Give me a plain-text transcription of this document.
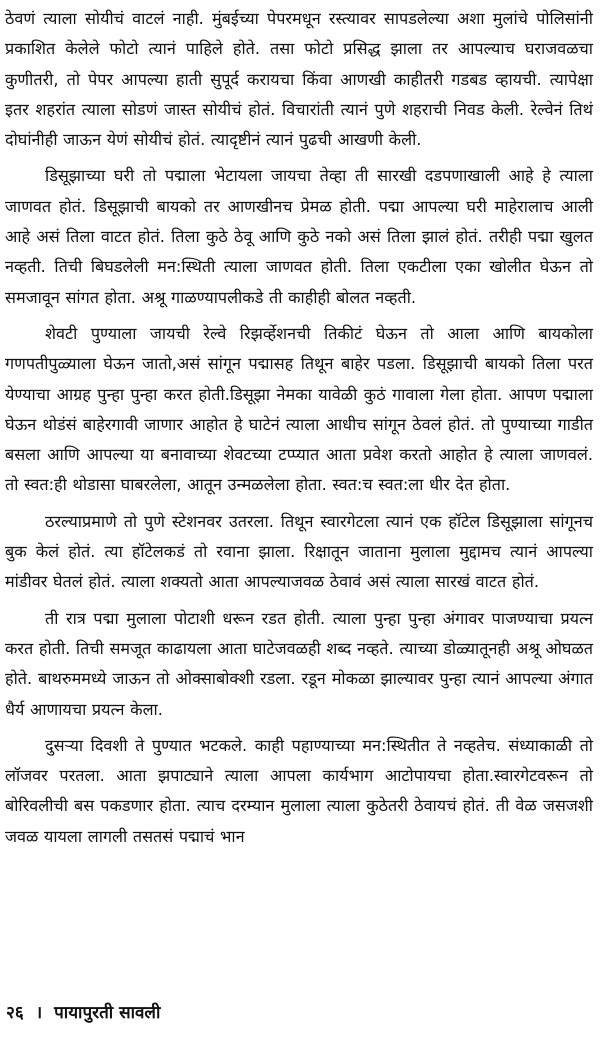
ठेवणं त्याला सोयीचं वाटलं नाही. मुंबईच्या पेपरमधून रस्त्यावर सापडलेल्या अशा मुलांचे पोलिसांनी प्रकाशित केलेले फोटो त्यानं पाहिले होते. तसा फोटो प्रसिद्ध झाला तर आपल्याच घराजवळचा कुणीतरी, तो पेपर आपल्या हाती सुपूर्द करायचा किंवा आणखी काहीतरी गडबड व्हायची. त्यापेक्षा इतर शहरांत त्याला सोडणं जास्त सोयीचं होतं. विचारांती त्यानं पुणे शहराची निवड केली. रेल्वेनं तिथं दोघांनीही जाऊन येणं सोयीचं होतं. त्यादृष्टीनं त्यानं पुढची आखणी केली.

डिसूझाच्या घरी तो पद्माला भेटायला जायचा तेव्हा ती सारखी दडपणाखाली आहे हे त्याला जाणवत होतं. डिसूझाची बायको तर आणखीनच प्रेमळ होती. पद्मा आपल्या घरी माहेरालाच आली आहे असं तिला वाटत होतं. तिला कुठे ठेवू आणि कुठे नको असं तिला झालं होतं. तरीही पद्मा खुलत नव्हती. तिची बिघडलेली मन:स्थिती त्याला जाणवत होती. तिला एकटीला एका खोलीत घेऊन तो समजावून सांगत होता. अश्रू गाळण्यापलीकडे ती काहीही बोलत नव्हती.

शेवटी पुण्याला जायची रेल्वे रिझर्व्हेशनची तिकीटं घेऊन तो आला आणि बायकोला गणपतीपुळ्याला घेऊन जातो,असं सांगून पद्मासह तिथून बाहेर पडला. डिसूझाची बायको तिला परत येण्याचा आग्रह पुन्हा पुन्हा करत होती.डिसूझा नेमका यावेळी कुठं गावाला गेला होता. आपण पद्माला घेऊन थोडंसं बाहेरगावी जाणार आहोत हे घाटेनं त्याला आधीच सांगून ठेवलं होतं. तो पुण्याच्या गाडीत बसला आणि आपल्या या बनावाच्या शेवटच्या टप्प्यात आता प्रवेश करतो आहोत हे त्याला जाणवलं. तो स्वत:ही थोडासा घाबरलेला, आतून उन्मळलेला होता. स्वत:च स्वत:ला धीर देत होता.

ठरल्याप्रमाणे तो पुणे स्टेशनवर उतरला. तिथून स्वारगेटला त्यानं एक हॉटेल डिसूझाला सांगूनच बुक केलं होतं. त्या हॉटेलकडं तो रवाना झाला. रिक्षातून जाताना मुलाला मुद्दामच त्यानं आपल्या मांडीवर घेतलं होतं. त्याला शक्यतो आता आपल्याजवळ ठेवावं असं त्याला सारखं वाटत होतं.

ती रात्र पद्मा मुलाला पोटाशी धरून रडत होती. त्याला पुन्हा पुन्हा अंगावर पाजण्याचा प्रयत्न करत होती. तिची समजूत काढायला आता घाटेजवळही शब्द नव्हते. त्याच्या डोळ्यातूनही अश्रू ओघळत होते. बाथरुममध्ये जाऊन तो ओक्साबोक्शी रडला. रडून मोकळा झाल्यावर पुन्हा त्यानं आपल्या अंगात धैर्य आणायचा प्रयत्न केला.

दुसऱ्या दिवशी ते पुण्यात भटकले. काही पहाण्याच्या मन:स्थितीत ते नव्हतेच. संध्याकाळी तो लॉजवर परतला. आता झपाट्याने त्याला आपला कार्यभाग आटोपायचा होता.स्वारगेटवरून तो बोरिवलीची बस पकडणार होता. त्याच दरम्यान मुलाला त्याला कुठेतरी ठेवायचं होतं. ती वेळ जसजशी जवळ यायला लागली तसतसं पद्माचं भान

२६ । पायापुरती सावली
